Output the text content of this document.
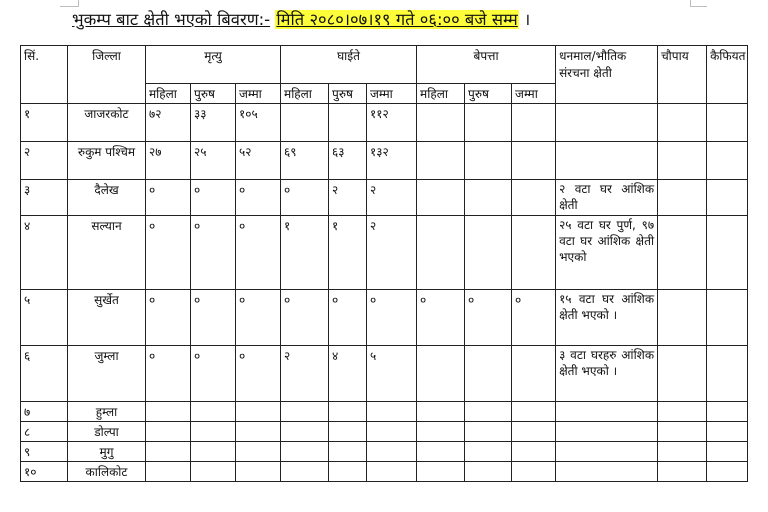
भुकम्प बाट क्षेती भएको बिवरण:- मिति २०८०।०७।१९ गते ०६:०० बजे सम्म ।
सिं.	जिल्ला	मृत्यु			घाईते			बेपत्ता			धनमाल/भौतिक संरचना क्षेती	चौपाय	कैफियत
		महिला	पुरुष	जम्मा	महिला	पुरुष	जम्मा	महिला	पुरुष	जम्मा			
१	जाजरकोट	७२	३३	१०५			११२						
२	रुकुम पश्चिम	२७	२५	५२	६९	६३	१३२						
३	दैलेख	०	०	०	०	२	२				२ वटा घर आंशिक क्षेती		
४	सल्यान	०	०	०	१	१	२				२५ वटा घर पुर्ण, ९७ वटा घर आंशिक क्षेती भएको		
५	सुर्खेत	०	०	०	०	०	०	०	०	०	१५ वटा घर आंशिक क्षेती भएको ।		
६	जुम्ला	०	०	०	२	४	५				३ वटा घरहरु आंशिक क्षेती भएको ।		
७	हुम्ला												
८	डोल्पा												
९	मुगु												
१०	कालिकोट												
